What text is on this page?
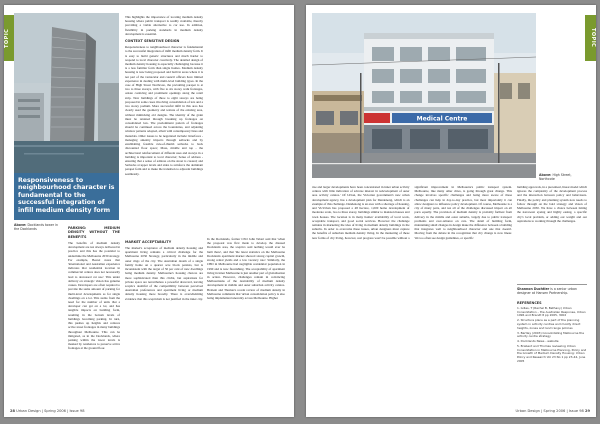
TOPIC
Responsiveness to neighbourhood character is fundamental to the successful integration of infill medium density form
Above: Docklands tower in the Docklands	PARKING: MEDIUM DENSITY WITHOUT THE BENEFITS

The benefits of medium density development are not always delivered in practice and this has the potential to undermine the Melbourne 2030 strategy. For example, Beeret notes that 'international and Australian experience indicates that residential location in commercial centres does not necessarily lead to decreased car use.' This under delivery on strategic vision has genuine causes. Developers are often required to provide the same amount of parking for multi-level developments as for single dwellings on a lot. This stems from the need for the number of units that a developer can get on a lot, and has tangible impacts on building form, resulting in the bottom levels of buildings becoming parking. In turn, this pushes up heights and reduces active street frontages in many buildings throughout Melbourne. This can be mitigated, as in the Docklands, where parking within the lower levels is masked by residences to preserve active frontages at the ground floor.

This highlights the importance of locating medium density housing where public transport is readily available, thereby providing a viable alternative to car use. In addition, flexibility in parking standards in medium density development is essential.

CONTEXT SENSITIVE DESIGN

Responsiveness to neighbourhood character is fundamental to the successful integration of infill medium density form. It is easy to build generic structures and much harder to respond to local character creatively. The detailed design of medium density housing is especially challenging because it is a less familiar form than single homes. Medium density housing is now being proposed and built in areas where it is not part of the vernacular and council officers have limited experience in dealing with multi-level building types. In the case of High Street Northcote, the prevailing parapet is at two to three storeys, with five to six storey walk frontages, ornate cornicing and prominent openings along the retail strip. New buildings of three to eight storeys are being proposed in some cases involving consolidation of lots and a two storey podium. More successful infill in this area has clearly used the geometry and texture of the existing area, without mimicking old designs. The identity of the grain must be retained through breaking up frontages on consolidated lots. The predominant pattern of frontages should be continued across the boundaries, and adjoining window patterns adopted, albeit with contemporary lines and materials. Other issues to be negotiated include: Interfaces - managing amenity impacts through setbacks and by establishing feasible rule-of-thumb setbacks to back discounted floor space; Mass, middle and top - the architectural reinforcement of different uses and storeys in a building is important to local character; Sense of address - ensuring that a sense of address on the street is created; and Setbacks at upper levels and sides to reinforce the dominant parapet form and to make the transition to adjacent buildings seamlessly.

MARKET ACCEPTABILITY

The market's acceptance of medium density housing and apartment living remains a critical challenge for the Melbourne 2030 Strategy, particularly in the middle and outer rings of the city. The Australian dream of a single family home on a quarter acre block persists, but is inconsistent with the target of 50 per cent of new dwellings being medium density. Melbourne's housing choices are more sophisticated than this cliché, but aspirations for private space are nevertheless a powerful drawcard, leaving sceptics doubtful of the compatibility between perceived Australian preferences and apartment living or medium density housing more broadly. There is overwhelming evidence that this scepticism is not justified in the inner city. In the Docklands, former CEO John Tabart said that 'when the proposal was first made to develop the disused Docklands area, the sceptics said nothing would ever be built there', and that 'the latest statistics on the Melbourne Docklands apartment market showed strong capital growth, strong rental yields and a low vacancy rate.' Similarly, the CBD in Melbourne had negligible residential population in 1990 and is now flourishing. The acceptability of apartment living in inner Melbourne is just another part of globalisation in action. However, challenges remain in convincing Melbournians of the desirability of medium density development in middle and outer suburban activity centres. Brabent and Thomas's recent review of medium density in Melbourne comments that 'urban consolidation policy is also being implemented unevenly across Melbourne. Higher

28 Urban Design | Spring 2006 | Issue 98
TOPIC
Medical Centre
Above: High Street, Northcote

rise and larger developments have been concentrated in inner urban activity centres with little indication of adverse interest in redevelopment of outer area activity centres.' Of Urban, the Victorian government's new urban development agency, has a development plan for Dandenong, which is an example of this challenge. Dandenong is an area with a shortage of housing, and VicUrban has proposed a 48 hectare, 1,000 home development of moderate scale, two to three storey, buildings similar to mansion houses and town houses. The location is in many homes' availability of local work, acceptable transport, and good social services. However the challenge remains in marketing the idea of living in medium density buildings in the suburbs. In order to overcome these issues, urban designers must capture the benefits of suburban medium density living. In the marketing of these new forms of city living, however, real progress won't be possible without a significant improvement in Melbourne's public transport system. Melbourne, like many other cities, is going through great change. This change involves specific challenges and being more aware of these challenges can help in day-to-day practice, but most importantly it can allow designers to influence policy development. Of course, Melbourne is a city of many parts, and not all of the challenges discussed impact on all parts equally. The provision of medium density is probably farthest from delivery in the middle and outer suburbs, largely due to public transport problems and over-reliance on cars. The detail of building form, maintaining small changes in design make the difference between a building that integrates well to neighbourhood character and one that doesn't. Moving from the debate in the recognition that city change is now linear. We too often see design guidelines, or specific

building approvals, in a piecemeal, linear model which ignores the complexity of the development process and the interaction between policy and behaviours. Finally, the policy and planning system now needs to follow through on the bold strategy and vision of Melbourne 2030. We have a choice between timing the narrowest eyeing and highly easing, a specific city's local problem, or adding our weight and our aspirations to working through the challenges.

Shannon Duchtler is a senior urban designer at Hansen Partnership.
REFERENCES
1. Gilles, T (Rachel B, Bethany) Urban Consolidation – the Australian Response, Urban 1996 and Brandt 8 pp 2005, 3002
2. Structure plans as a part of the planning system in activity centres and mostly direct heights, zones and land range policies
3. Bartley (2003) Consolidating Melbourne the activity centre strategy
4. Docklands News - website
5. Brabent and Thomas reviewing Urban Consolidation in Melbourne Planning, Policy and the Growth of Medium Density Housing: Urban Policy and Research Vol 23 No 1 pp 23-44, June 2005
Urban Design | Spring 2006 | Issue 98 29
